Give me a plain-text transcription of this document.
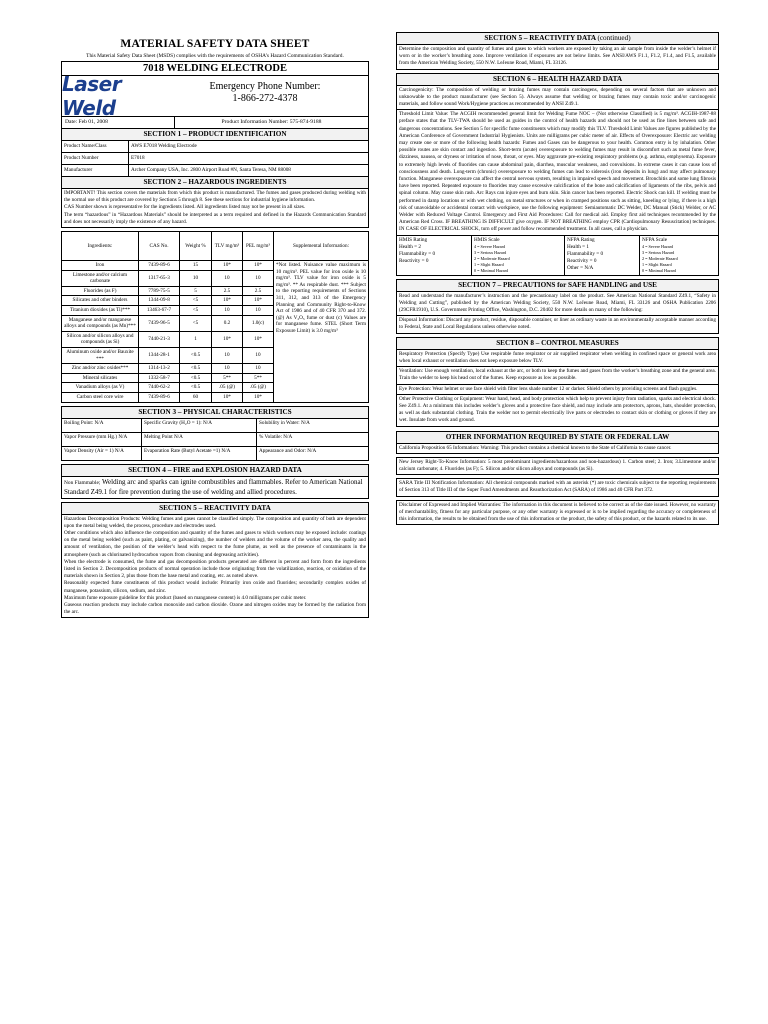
MATERIAL SAFETY DATA SHEET
This Material Safety Data Sheet (MSDS) complies with the requirements of OSHA’s Hazard Communication Standard.
7018 WELDING ELECTRODE
Laser Weld
Emergency Phone Number:
1-866-272-4378
Date: Feb 01, 2008	Product Information Number: 575-874-9188
SECTION 1 – PRODUCT IDENTIFICATION
Product Name/Class	AWS E7018 Welding Electrode
Product Number	E7018
Manufacturer	Archer Company USA, Inc. 2800 Airport Road #N, Santa Teresa, NM 88008
SECTION 2 – HAZARDOUS INGREDIENTS
IMPORTANT! This section covers the materials from which this product is manufactured. The fumes and gases produced during welding with the normal use of this product are covered by Sections 5 through 8. See these sections for industrial hygiene information.
CAS Number shown is representative for the ingredients listed. All ingredients listed may not be present in all sizes.
The term “hazardous” in “Hazardous Materials” should be interpreted as a term required and defined in the Hazards Communication Standard and does not necessarily imply the existence of any hazard.
Ingredients:	CAS No.	Weight %	TLV mg/m³	PEL mg/m³	Supplemental Information:
Iron	7439-89-6	15	10*	10*	*Not listed. Nuisance value maximum is 10 mg/m³. PEL value for iron oxide is 10 mg/m³. TLV value for iron oxide is 5 mg/m³. ** As respirable dust. *** Subject to the reporting requirements of Sections 311, 312, and 313 of the Emergency Planning and Community Right-to-Know Act of 1986 and of 40 CFR 370 and 372. (@) As V₂O₅ fume or dust (c) Values are for manganese fume. STEL (Short Term Exposure Limit) is 3.0 mg/m³
Limestone and/or calcium carbonate	1317-65-3	10	10	10	
Fluorides (as F)	7789-75-5	5	2.5	2.5	
Silicates and other binders	1344-09-8	<5	10*	10*	
Titanium dioxides (as Ti)***	13463-67-7	<5	10	10	
Manganese and/or manganese alloys and compounds (as Mn)***	7439-96-5	<5	0.2	1.0(c)	
Silicon and/or silicon alloys and compounds (as Si)	7440-21-3	1	10*	10*	
Aluminum oxide and/or Bauxite ***	1344-28-1	<0.5	10	10	
Zinc and/or zinc oxides***	1314-13-2	<0.5	10	10	
Mineral silicates	1332-58-7	<0.5	5**	5**	
Vanadium alloys (as V)	7440-62-2	<0.5	.05 (@)	.05 (@)	
Carbon steel core wire	7439-89-6	60	10*	10*	
SECTION 3 – PHYSICAL CHARACTERISTICS
Boiling Point: N/A	Specific Gravity (H₂O = 1): N/A	Solubility in Water: N/A
Vapor Pressure (mm Hg.) N/A	Melting Point N/A	% Volatile: N/A
Vapor Density (Air = 1) N/A	Evaporation Rate (Butyl Acetate =1) N/A	Appearance and Odor: N/A
SECTION 4 – FIRE and EXPLOSION HAZARD DATA
Non Flammable; Welding arc and sparks can ignite combustibles and flammables. Refer to American National Standard Z49.1 for fire prevention during the use of welding and allied procedures.
SECTION 5 – REACTIVITY DATA
Hazardous Decomposition Products: Welding fumes and gases cannot be classified simply. The composition and quantity of both are dependent upon the metal being welded, the process, procedure and electrodes used.
Other conditions which also influence the composition and quantity of the fumes and gases to which workers may be exposed include: coatings on the metal being welded (such as paint, plating, or galvanizing), the number of welders and the volume of the worker area, the quality and amount of ventilation, the position of the welder’s head with respect to the fume plume, as well as the presence of contaminants in the atmosphere (such as chlorinated hydrocarbon vapors from cleaning and degreasing activities).
When the electrode is consumed, the fume and gas decomposition products generated are different in percent and form from the ingredients listed in Section 2. Decomposition products of normal operation include those originating from the volatilization, reaction, or oxidation of the materials shown in Section 2, plus those from the base metal and coating, etc. as noted above.
Reasonably expected fume constituents of this product would include: Primarily iron oxide and fluorides; secondarily complex oxides of manganese, potassium, silicon, sodium, and zinc.
Maximum fume exposure guideline for this product (based on manganese content) is 4.0 milligrams per cubic meter.
Gaseous reaction products may include carbon monoxide and carbon dioxide. Ozone and nitrogen oxides may be formed by the radiation from the arc.
SECTION 5 – REACTIVITY DATA (continued)
Determine the composition and quantity of fumes and gases to which workers are exposed by taking an air sample from inside the welder’s helmet if worn or in the worker’s breathing zone. Improve ventilation if exposures are not below limits. See ANSI/AWS F1.1, F1.2, F1.4, and F1.5, available from the American Welding Society, 550 N.W. LeJeune Road, Miami, FL 33126.
SECTION 6 – HEALTH HAZARD DATA
Carcinogenicity: The composition of welding or brazing fumes may contain carcinogens, depending on several factors that are unknown and unknowable to the product manufacturer (see Section 5). Always assume that welding or brazing fumes may contain toxic and/or carcinogenic materials, and follow sound Work/Hygiene practices as recommended by ANSI Z49.1.
Threshold Limit Value: The ACGIH recommended general limit for Welding Fume NOC – (Not otherwise Classified) is 5 mg/m³. ACGIH-1987-88 preface states that the TLV-TWA should be used as guides in the control of health hazards and should not be used as fine lines between safe and dangerous concentrations. See Section 5 for specific fume constituents which may modify this TLV. Threshold Limit Values are figures published by the American Conference of Government Industrial Hygienists. Units are milligrams per cubic meter of air. Effects of Overexposure: Electric arc welding may create one or more of the following health hazards: Fumes and Gases can be dangerous to your health. Common entry is by inhalation. Other possible routes are skin contact and ingestion. Short-term (acute) overexposure to welding fumes may result in discomfort such as metal fume fever, dizziness, nausea, or dryness or irritation of nose, throat, or eyes. May aggravate pre-existing respiratory problems (e.g. asthma, emphysema). Exposure to extremely high levels of fluorides can cause abdominal pain, diarrhea, muscular weakness, and convulsions. In extreme cases it can cause loss of consciousness and death. Long-term (chronic) overexposure to welding fumes can lead to siderosis (iron deposits in lung) and may affect pulmonary function. Manganese overexposure can affect the central nervous system, resulting in impaired speech and movement. Bronchitis and some lung fibrosis have been reported. Repeated exposure to fluorides may cause excessive calcification of the bone and calcification of ligaments of the ribs, pelvis and spinal column. May cause skin rash. Arc Rays can injure eyes and burn skin. Skin cancer has been reported. Electric Shock can kill. If welding must be performed in damp locations or with wet clothing, on metal structures or when in cramped positions such as sitting, kneeling or lying, if there is a high risk of unavoidable or accidental contact with workpiece, use the following equipment: Semiautomatic DC Welder, DC Manual (Stick) Welder, or AC Welder with Reduced Voltage Control. Emergency and First Aid Procedures: Call for medical aid. Employ first aid techniques recommended by the American Red Cross. IF BREATHING IS DIFFICULT give oxygen. IF NOT BREATHING employ CPR (Cardiopulmonary Resuscitation) techniques. IN CASE OF ELECTRICAL SHOCK, turn off power and follow recommended treatment. In all cases, call a physician.
HMIS Rating
Health = 2
Flammability = 0
Reactivity = 0

HMIS Scale
4 = Severe Hazard
3 = Serious Hazard
2 = Moderate Hazard
1 = Slight Hazard
0 = Minimal Hazard

NFPA Rating
Health = 1
Flammability = 0
Reactivity = 0
Other = N/A

NFPA Scale
4 = Severe Hazard
3 = Serious Hazard
2 = Moderate Hazard
1 = Slight Hazard
0 = Minimal Hazard
SECTION 7 – PRECAUTIONS for SAFE HANDLING and USE
Read and understand the manufacturer’s instruction and the precautionary label on the product. See American National Standard Z49.1, “Safety in Welding and Cutting”, published by the American Welding Society, 550 N.W. LeJeune Road, Miami, FL 33126 and OSHA Publication 2206 (29CFR1910), U.S. Government Printing Office, Washington, D.C. 20402 for more details on many of the following:
Disposal Information: Discard any product, residue, disposable container, or liner as ordinary waste in an environmentally acceptable manner according to Federal, State and Local Regulations unless otherwise noted.
SECTION 8 – CONTROL MEASURES
Respiratory Protection (Specify Type) Use respirable fume respirator or air supplied respirator when welding in confined space or general work area when local exhaust or ventilation does not keep exposure below TLV.
Ventilation: Use enough ventilation, local exhaust at the arc, or both to keep the fumes and gases from the worker’s breathing zone and the general area. Train the welder to keep his head out of the fumes. Keep exposure as low as possible.
Eye Protection: Wear helmet or use face shield with filter lens shade number 12 or darker. Shield others by providing screens and flash goggles.
Other Protective Clothing or Equipment: Wear hand, head, and body protection which help to prevent injury from radiation, sparks and electrical shock. See Z49.1. At a minimum this includes welder’s gloves and a protective face shield, and may include arm protectors, aprons, hats, shoulder protection, as well as dark substantial clothing. Train the welder not to permit electrically live parts or electrodes to contact skin or clothing or gloves if they are wet. Insulate from work and ground.
OTHER INFORMATION REQUIRED BY STATE OR FEDERAL LAW
California Proposition 65 Information: Warning: This product contains a chemical known to the State of California to cause cancer.
New Jersey Right-To-Know Information: 5 most predominant ingredients/hazardous and non-hazardous) 1. Carbon steel; 2. Iron; 3.Limestone and/or calcium carbonate; 4. Fluorides (as F); 5. Silicon and/or silicon alloys and compounds (as Si).
SARA Title III Notification Information: All chemical compounds marked with an asterisk (*) are toxic chemicals subject to the reporting requirements of Section 313 of Title III of the Super Fund Amendments and Reauthorization Act (SARA) of 1986 and 40 CFR Part 372.
Disclaimer of Expressed and Implied Warranties: The information in this document is believed to be correct as of the date issued. However, no warranty of merchantability, fitness for any particular purpose, or any other warranty is expressed or is to be implied regarding the accuracy or completeness of this information, the results to be obtained from the use of this information or the product, the safety of this product, or the hazards related to its use.
